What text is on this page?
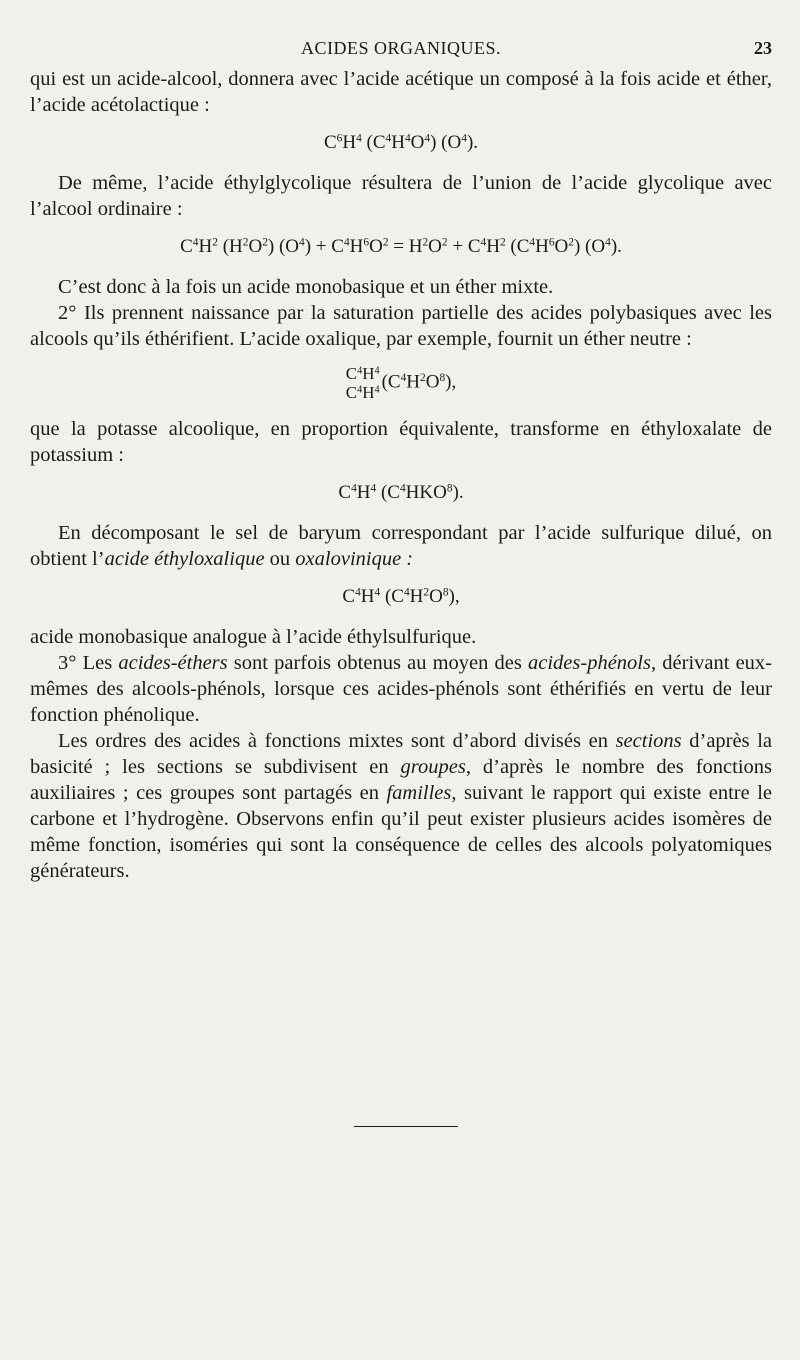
ACIDES ORGANIQUES.	23

qui est un acide-alcool, donnera avec l’acide acétique un composé à la fois acide et éther, l’acide acétolactique :

$C^6H^4$ $(C^4H^4O^4)$ $(O^4)$.

De même, l’acide éthylglycolique résultera de l’union de l’acide glycolique avec l’alcool ordinaire :

$C^4H^2$ $(H^2O^2) (O^4) + C^4H^6O^2 = H^2O^2 + C^4H^2$ $(C^4H^6O^2)$ $(O^4)$.

C’est donc à la fois un acide monobasique et un éther mixte.

2° Ils prennent naissance par la saturation partielle des acides polybasiques avec les alcools qu’ils éthérifient. L’acide oxalique, par exemple, fournit un éther neutre :

$C^4H^4$
$C^4H^4$ $(C^4H^2O^8)$,

que la potasse alcoolique, en proportion équivalente, transforme en éthyloxalate de potassium :

$C^4H^4$ $(C^4HKO^8)$.

En décomposant le sel de baryum correspondant par l’acide sulfurique dilué, on obtient l’acide éthyloxalique ou oxalovinique :

$C^4H^4$ $(C^4H^2O^8)$,

acide monobasique analogue à l’acide éthylsulfurique.

3° Les acides-éthers sont parfois obtenus au moyen des acides-phénols, dérivant eux-mêmes des alcools-phénols, lorsque ces acides-phénols sont éthérifiés en vertu de leur fonction phénolique.

Les ordres des acides à fonctions mixtes sont d’abord divisés en sections d’après la basicité ; les sections se subdivisent en groupes, d’après le nombre des fonctions auxiliaires ; ces groupes sont partagés en familles, suivant le rapport qui existe entre le carbone et l’hydrogène. Observons enfin qu’il peut exister plusieurs acides isomères de même fonction, isoméries qui sont la conséquence de celles des alcools polyatomiques générateurs.
